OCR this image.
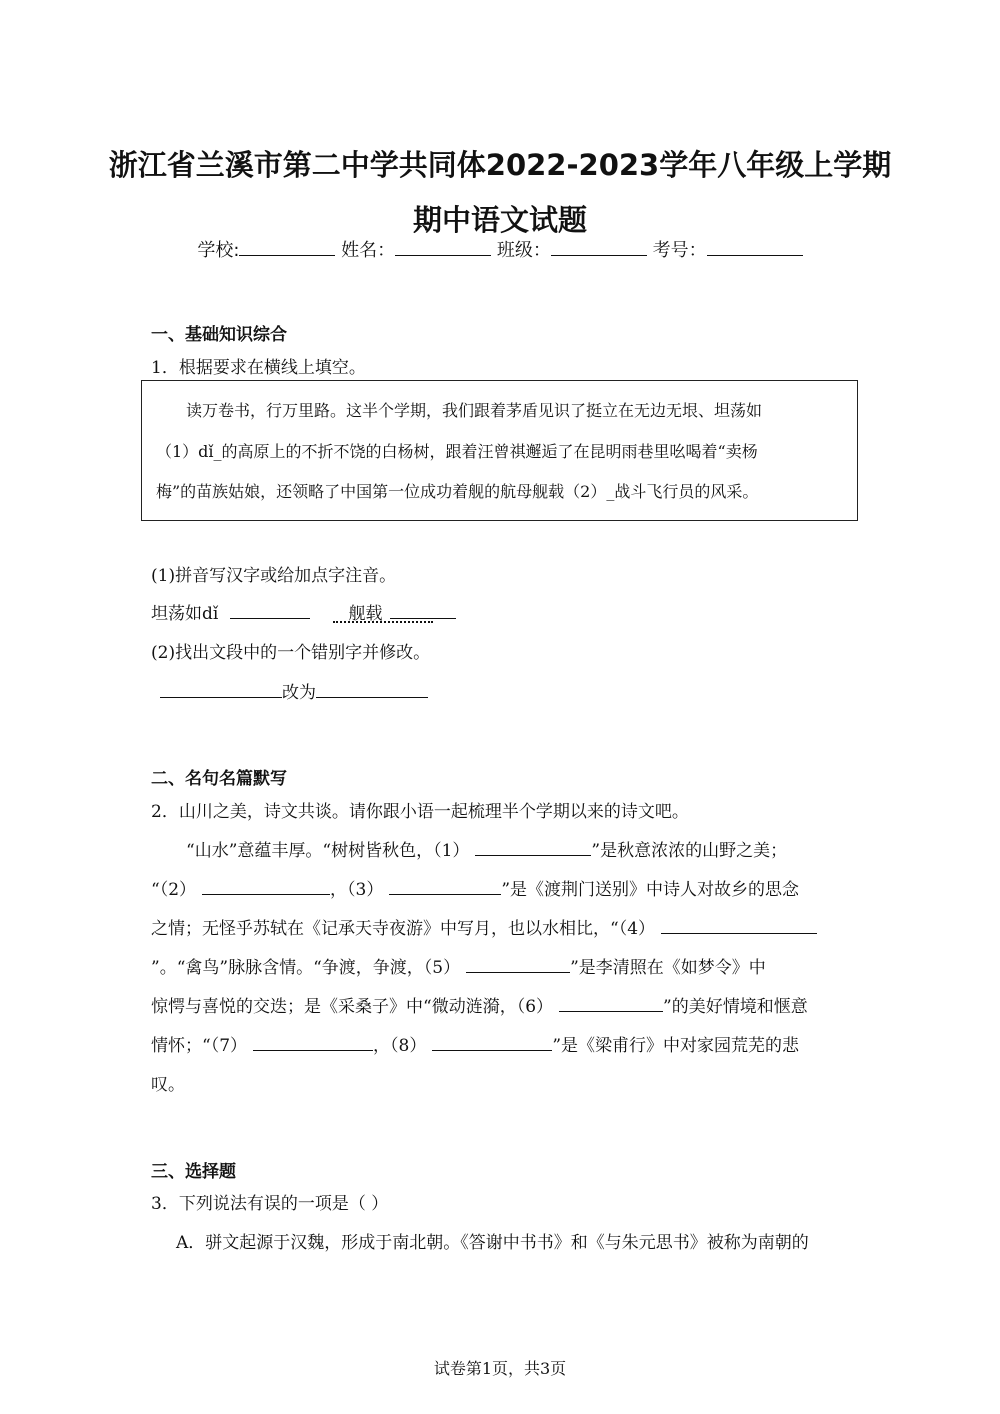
浙江省兰溪市第二中学共同体2022-2023学年八年级上学期
期中语文试题
学校:	姓名：	班级：	考号：
一、基础知识综合
1．根据要求在横线上填空。
读万卷书，行万里路。这半个学期，我们跟着茅盾见识了挺立在无边无垠、坦荡如
（1）dǐ_的高原上的不折不饶的白杨树，跟着汪曾祺邂逅了在昆明雨巷里吆喝着“卖杨
梅”的苗族姑娘，还领略了中国第一位成功着舰的航母舰载（2）_战斗飞行员的风采。
(1)拼音写汉字或给加点字注音。
坦荡如dǐ	舰载
(2)找出文段中的一个错别字并修改。
改为
二、名句名篇默写
2．山川之美，诗文共谈。请你跟小语一起梳理半个学期以来的诗文吧。
“山水”意蕴丰厚。“树树皆秋色，（1）	”是秋意浓浓的山野之美；
“（2）	，（3）	”是《渡荆门送别》中诗人对故乡的思念
之情；无怪乎苏轼在《记承天寺夜游》中写月，也以水相比，“（4）
”。“禽鸟”脉脉含情。“争渡，争渡，（5）	”是李清照在《如梦令》中
惊愕与喜悦的交迭；是《采桑子》中“微动涟漪，（6）	”的美好情境和惬意
情怀；“（7）	，（8）	”是《梁甫行》中对家园荒芜的悲
叹。
三、选择题
3．下列说法有误的一项是（ ）
A．骈文起源于汉魏，形成于南北朝。《答谢中书书》和《与朱元思书》被称为南朝的
试卷第1页，共3页
